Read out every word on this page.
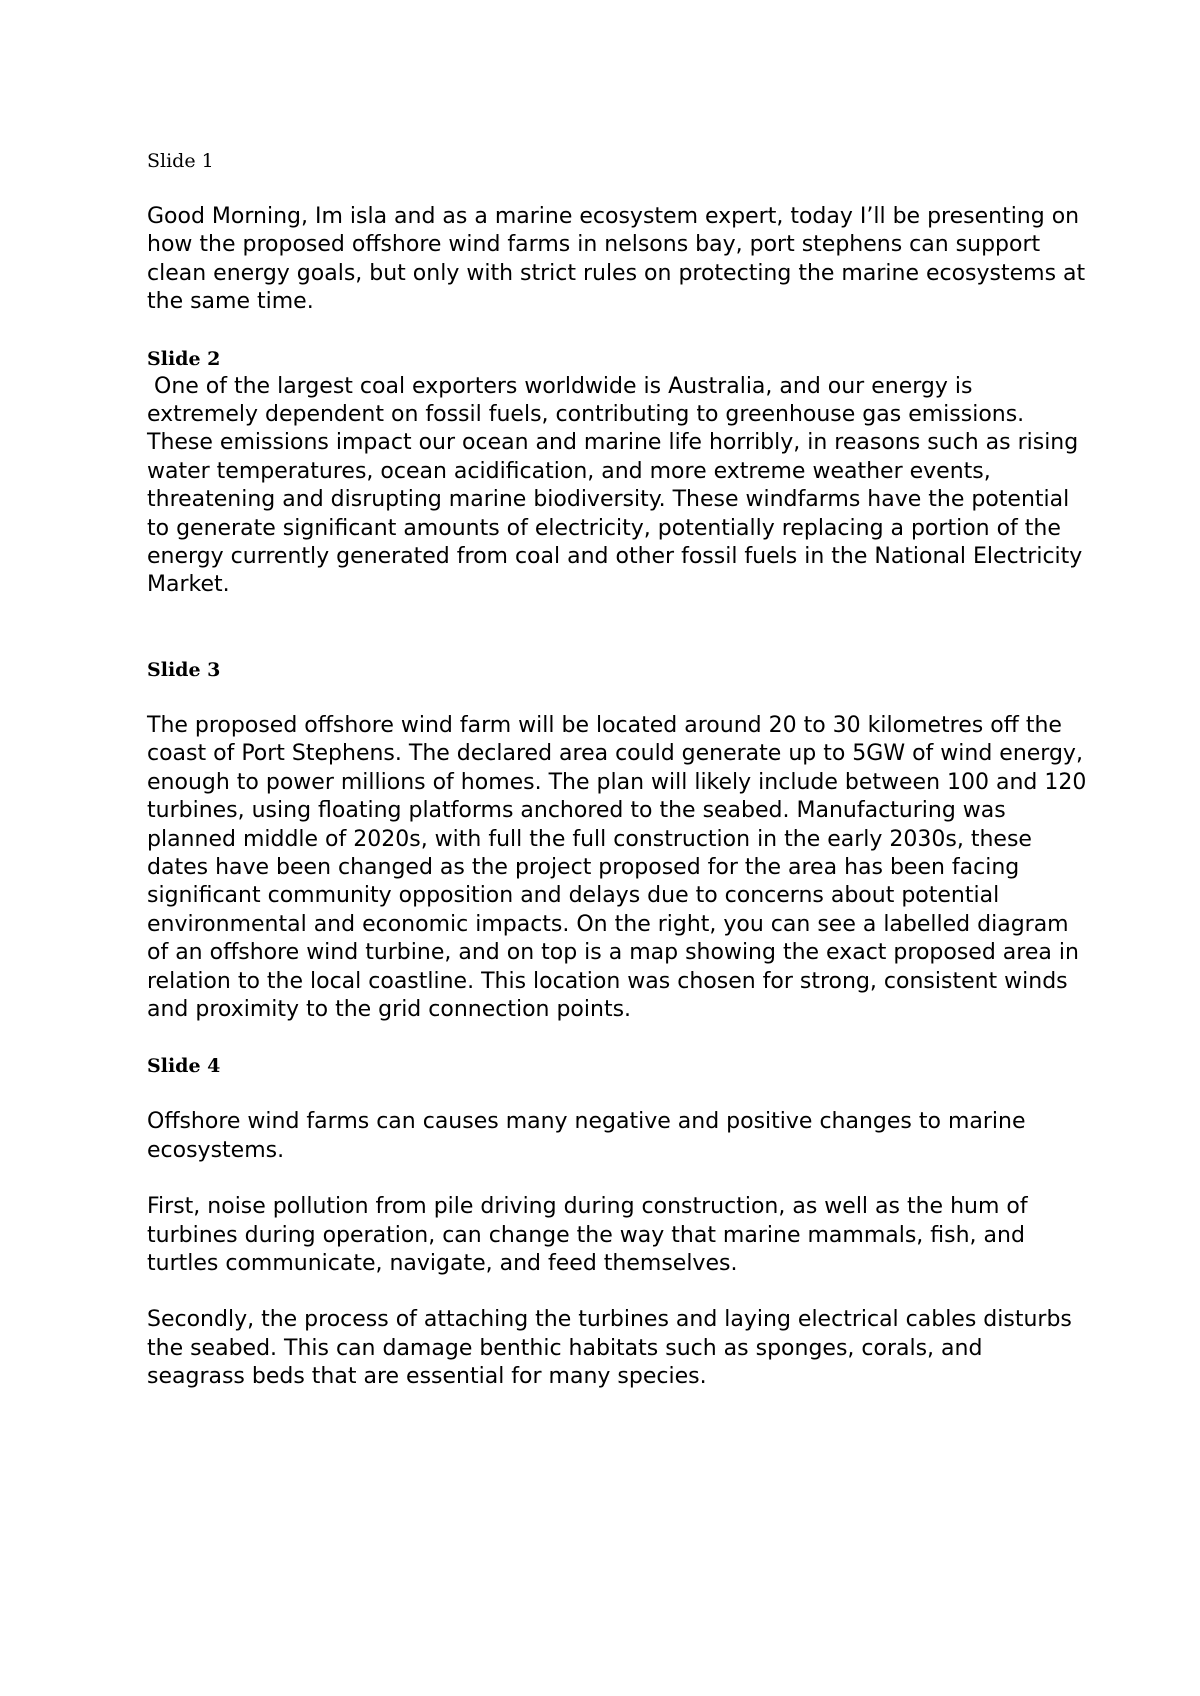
Slide 1

Good Morning, Im isla and as a marine ecosystem expert, today I’ll be presenting on how the proposed offshore wind farms in nelsons bay, port stephens can support clean energy goals, but only with strict rules on protecting the marine ecosystems at the same time.

Slide 2

One of the largest coal exporters worldwide is Australia, and our energy is extremely dependent on fossil fuels, contributing to greenhouse gas emissions. These emissions impact our ocean and marine life horribly, in reasons such as rising water temperatures, ocean acidification, and more extreme weather events, threatening and disrupting marine biodiversity. These windfarms have the potential to generate significant amounts of electricity, potentially replacing a portion of the energy currently generated from coal and other fossil fuels in the National Electricity Market.

Slide 3

The proposed offshore wind farm will be located around 20 to 30 kilometres off the coast of Port Stephens. The declared area could generate up to 5GW of wind energy, enough to power millions of homes. The plan will likely include between 100 and 120 turbines, using floating platforms anchored to the seabed. Manufacturing was planned middle of 2020s, with full the full construction in the early 2030s, these dates have been changed as the project proposed for the area has been facing significant community opposition and delays due to concerns about potential environmental and economic impacts. On the right, you can see a labelled diagram of an offshore wind turbine, and on top is a map showing the exact proposed area in relation to the local coastline. This location was chosen for strong, consistent winds and proximity to the grid connection points.

Slide 4

Offshore wind farms can causes many negative and positive changes to marine ecosystems.

First, noise pollution from pile driving during construction, as well as the hum of turbines during operation, can change the way that marine mammals, fish, and turtles communicate, navigate, and feed themselves.

Secondly, the process of attaching the turbines and laying electrical cables disturbs the seabed. This can damage benthic habitats such as sponges, corals, and seagrass beds that are essential for many species.
